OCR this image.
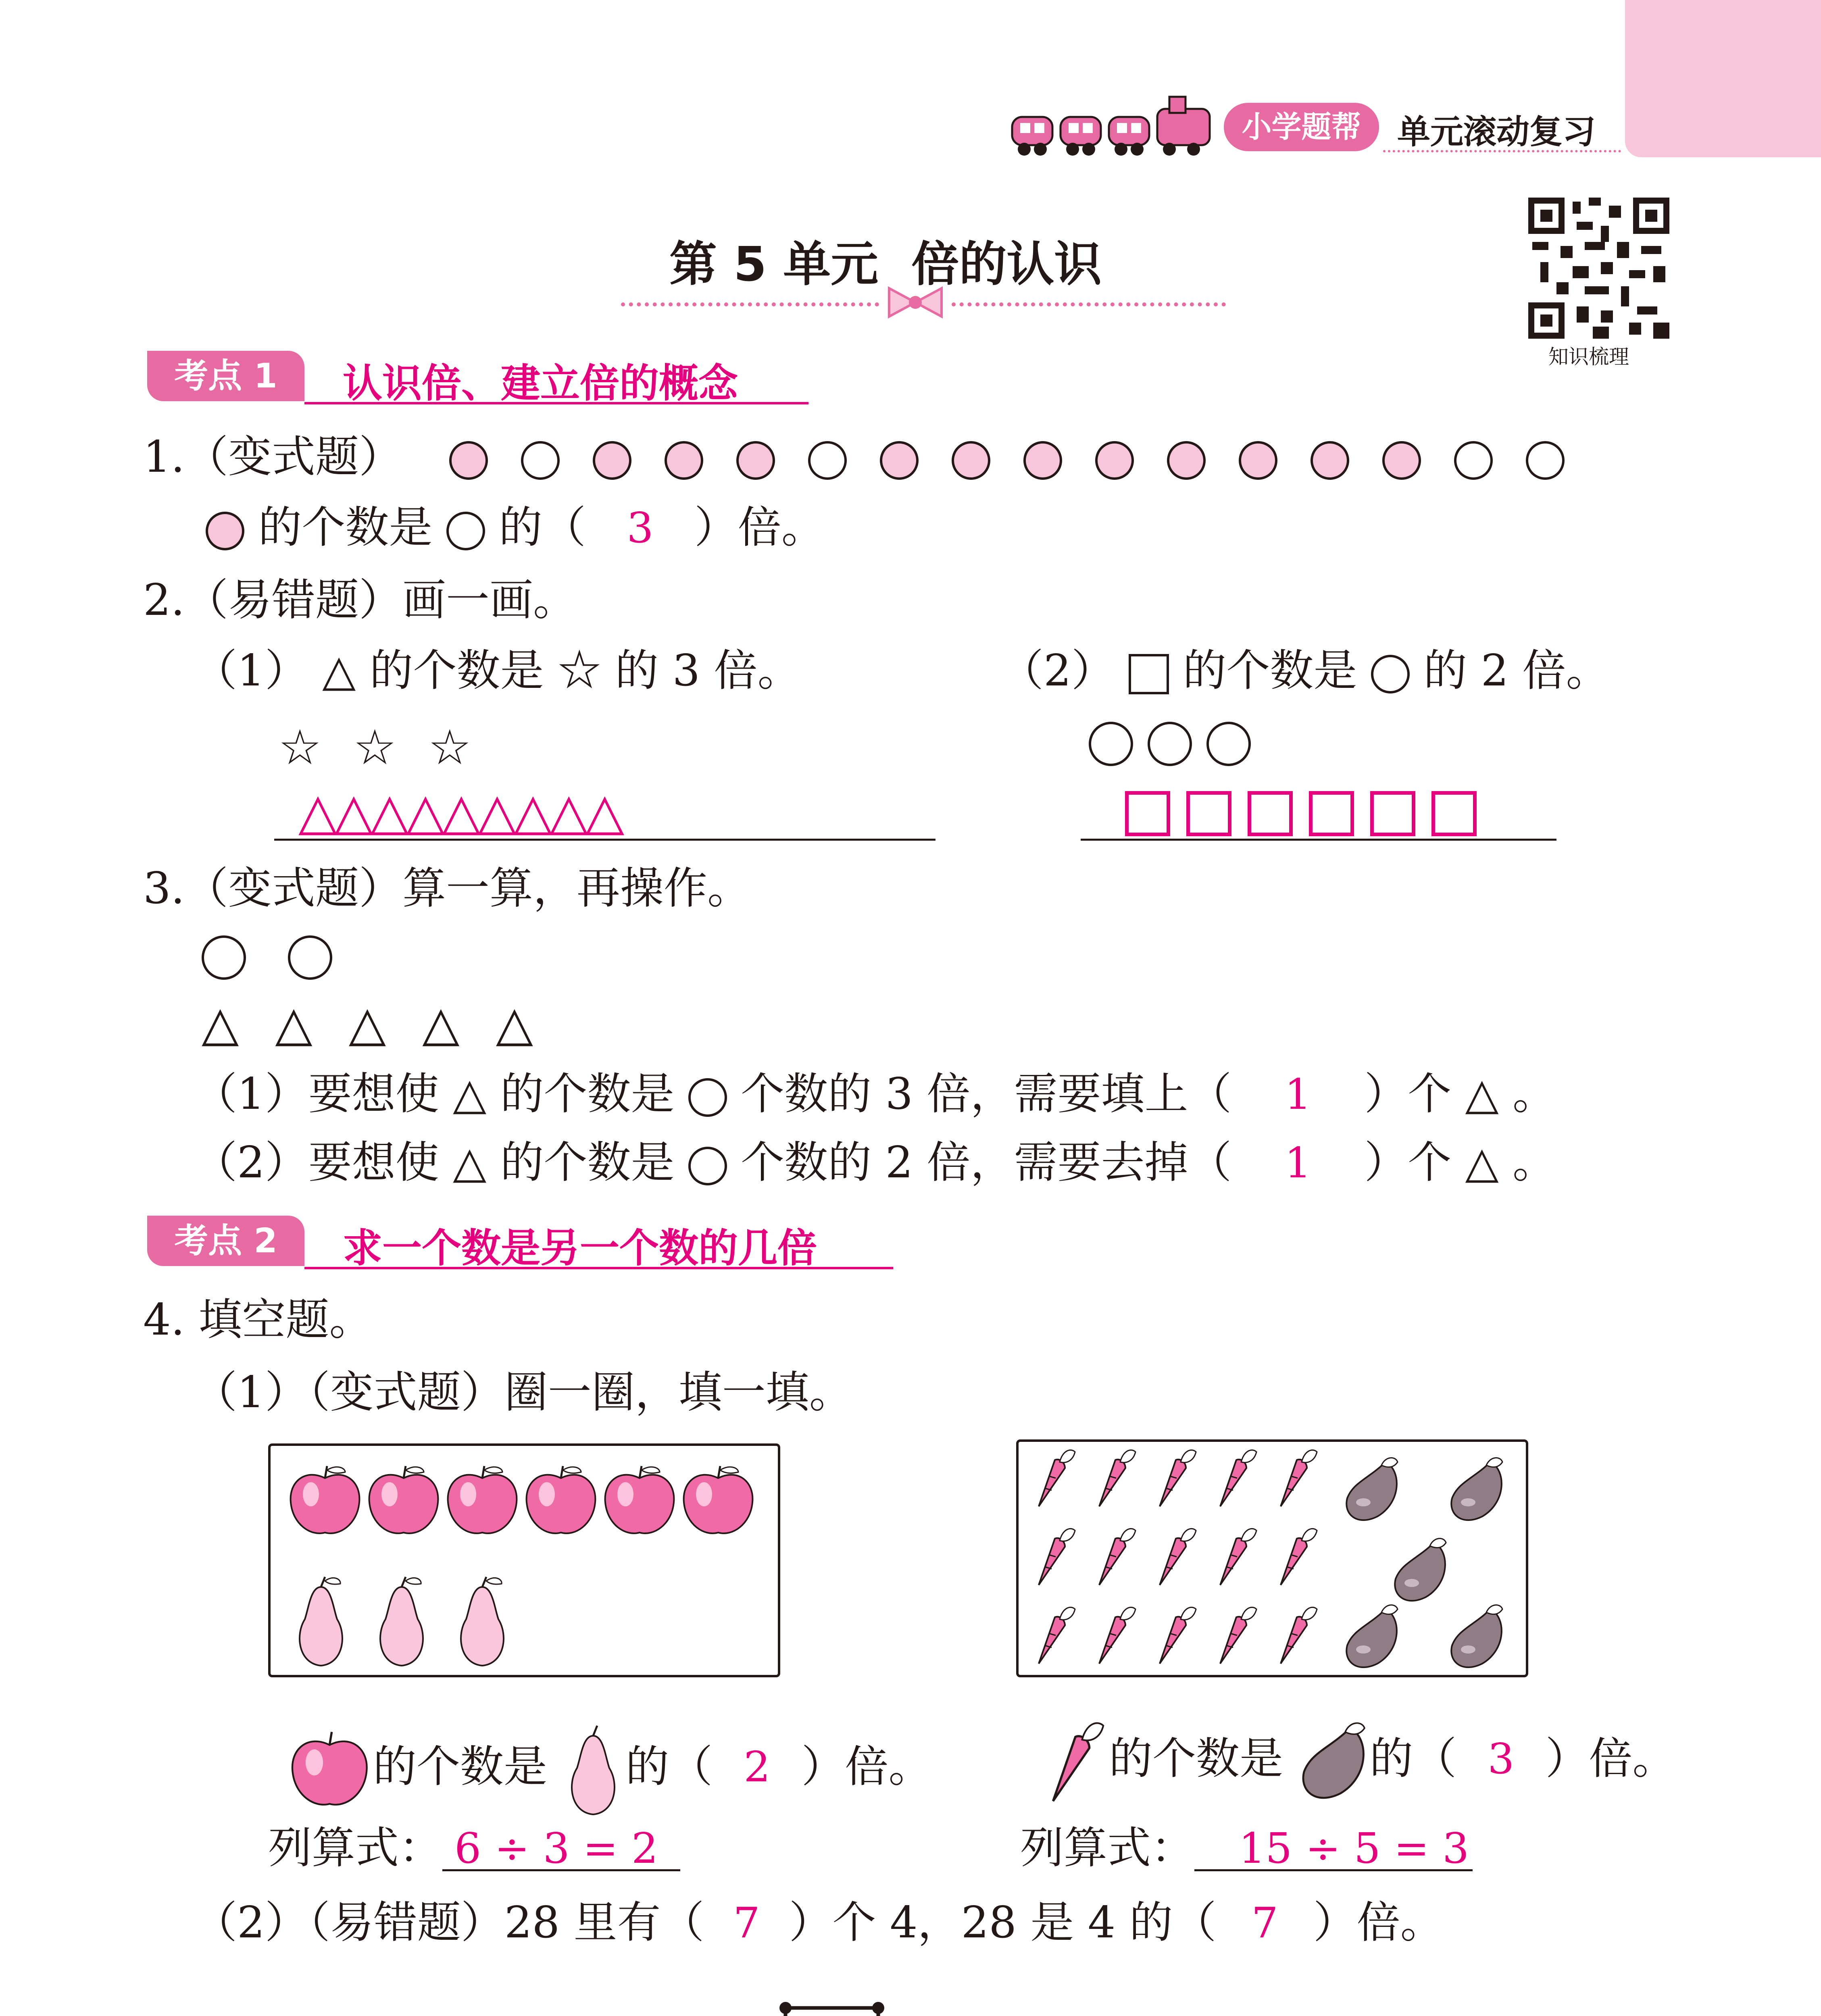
小学题帮	单元滚动复习
第 5 单元  倍的认识
知识梳理
考点 1	认识倍、建立倍的概念
1.（变式题）
的个数是 的（ 3 ）倍。
2.（易错题）画一画。
（1） △ 的个数是 ☆ 的 3 倍。
☆ ☆ ☆
△△△△△△△△△
（2） 的个数是 的 2 倍。
3.（变式题）算一算，再操作。
△ △ △ △ △
（1）要想使 △ 的个数是 个数的 3 倍，需要填上（ 1 ）个 △ 。
（2）要想使 △ 的个数是 个数的 2 倍，需要去掉（ 1 ）个 △ 。
考点 2	求一个数是另一个数的几倍
4. 填空题。
（1）（变式题）圈一圈，填一填。
的个数是 的（ 2 ）倍。	的个数是 的（ 3 ）倍。
列算式： 6 ÷ 3 = 2	列算式： 15 ÷ 5 = 3
（2）（易错题）28 里有（ 7 ）个 4，28 是 4 的（ 7 ）倍。
